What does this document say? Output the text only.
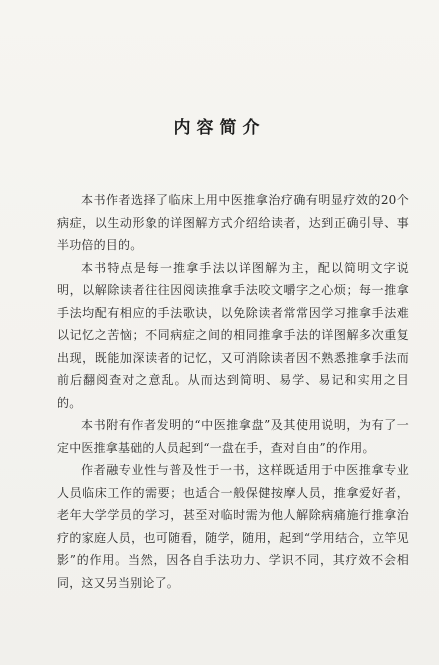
内容简介

本书作者选择了临床上用中医推拿治疗确有明显疗效的20个病症，以生动形象的详图解方式介绍给读者，达到正确引导、事半功倍的目的。

本书特点是每一推拿手法以详图解为主，配以简明文字说明，以解除读者往往因阅读推拿手法咬文嚼字之心烦；每一推拿手法均配有相应的手法歌诀，以免除读者常常因学习推拿手法难以记忆之苦恼；不同病症之间的相同推拿手法的详图解多次重复出现，既能加深读者的记忆，又可消除读者因不熟悉推拿手法而前后翻阅查对之意乱。从而达到简明、易学、易记和实用之目的。

本书附有作者发明的“中医推拿盘”及其使用说明，为有了一定中医推拿基础的人员起到“一盘在手，查对自由”的作用。

作者融专业性与普及性于一书，这样既适用于中医推拿专业人员临床工作的需要；也适合一般保健按摩人员，推拿爱好者，老年大学学员的学习，甚至对临时需为他人解除病痛施行推拿治疗的家庭人员，也可随看，随学，随用，起到“学用结合，立竿见影”的作用。当然，因各自手法功力、学识不同，其疗效不会相同，这又另当别论了。
